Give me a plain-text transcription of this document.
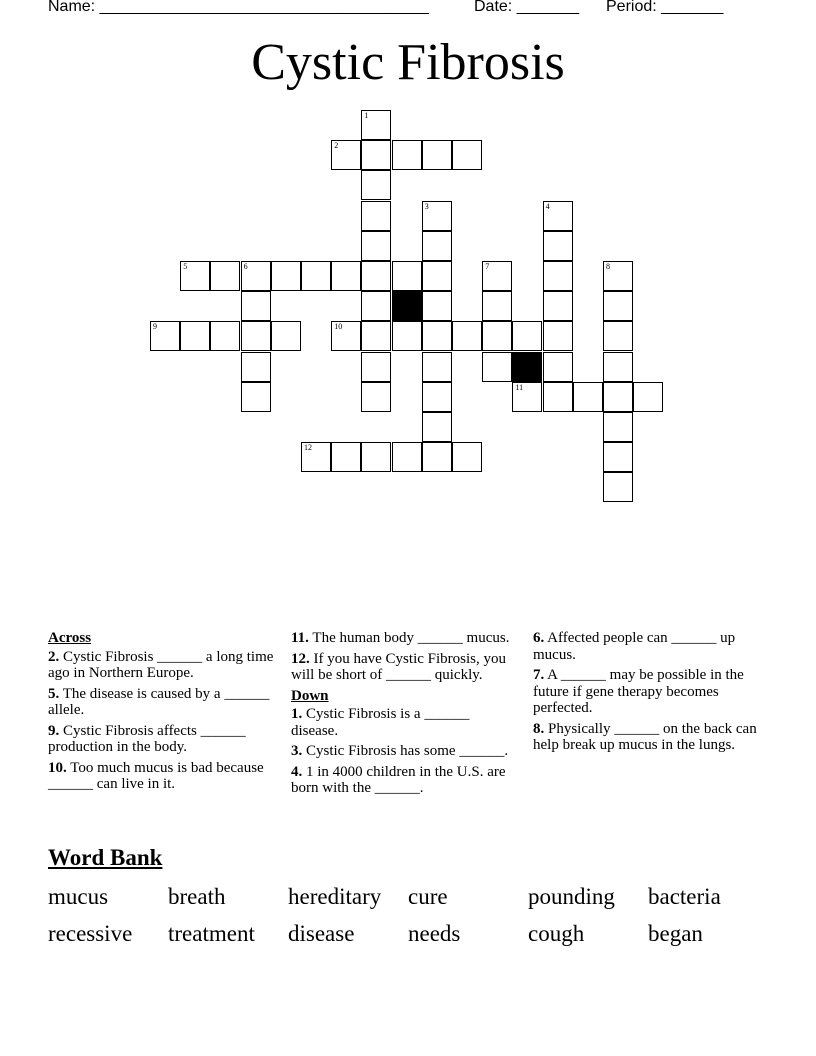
Name: _____________________________________	Date: _______ Period: _______
Cystic Fibrosis
1
2
3	4
5	6	7	8
9	10
11
12
Across
2. Cystic Fibrosis ______ a long time ago in Northern Europe.
5. The disease is caused by a ______ allele.
9. Cystic Fibrosis affects ______ production in the body.
10. Too much mucus is bad because ______ can live in it.
11. The human body ______ mucus.
12. If you have Cystic Fibrosis, you will be short of ______ quickly.
Down
1. Cystic Fibrosis is a ______ disease.
3. Cystic Fibrosis has some ______.
4. 1 in 4000 children in the U.S. are born with the ______.
6. Affected people can ______ up mucus.
7. A ______ may be possible in the future if gene therapy becomes perfected.
8. Physically ______ on the back can help break up mucus in the lungs.
Word Bank
mucus	breath	hereditary cure	pounding bacteria
recessive treatment disease needs	cough	began
